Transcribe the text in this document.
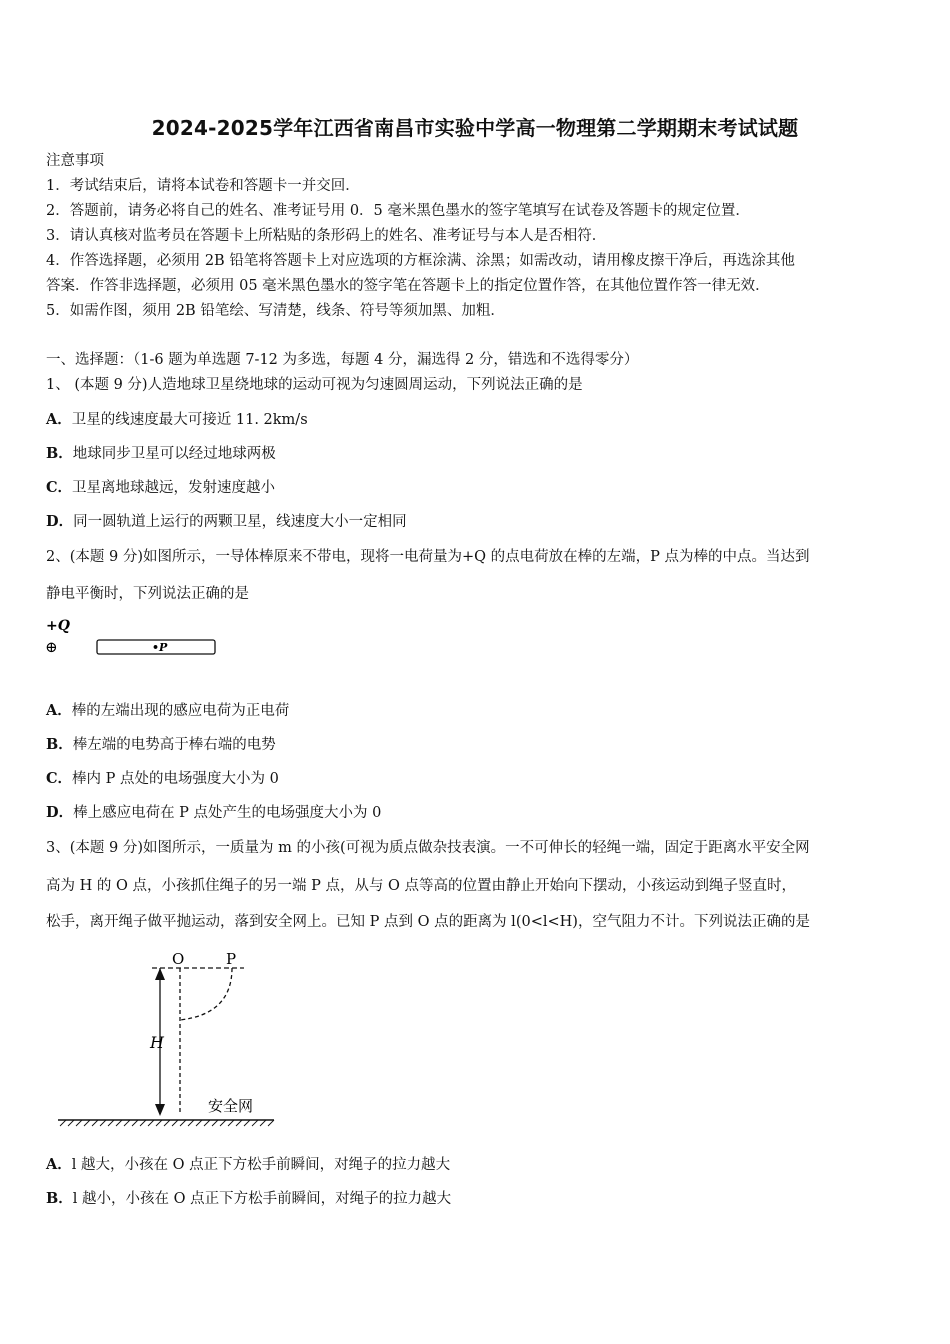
2024-2025学年江西省南昌市实验中学高一物理第二学期期末考试试题
注意事项
1．考试结束后，请将本试卷和答题卡一并交回．
2．答题前，请务必将自己的姓名、准考证号用 0．5 毫米黑色墨水的签字笔填写在试卷及答题卡的规定位置．
3．请认真核对监考员在答题卡上所粘贴的条形码上的姓名、准考证号与本人是否相符．
4．作答选择题，必须用 2B 铅笔将答题卡上对应选项的方框涂满、涂黑；如需改动，请用橡皮擦干净后，再选涂其他
答案．作答非选择题，必须用 05 毫米黑色墨水的签字笔在答题卡上的指定位置作答，在其他位置作答一律无效．
5．如需作图，须用 2B 铅笔绘、写清楚，线条、符号等须加黑、加粗．
一、选择题：（1-6 题为单选题 7-12 为多选，每题 4 分，漏选得 2 分，错选和不选得零分）
1、 (本题 9 分)人造地球卫星绕地球的运动可视为匀速圆周运动，下列说法正确的是
A．卫星的线速度最大可接近 11. 2km/s
B．地球同步卫星可以经过地球两极
C．卫星离地球越远，发射速度越小
D．同一圆轨道上运行的两颗卫星，线速度大小一定相同
2、(本题 9 分)如图所示，一导体棒原来不带电，现将一电荷量为+Q 的点电荷放在棒的左端，P 点为棒的中点。当达到
静电平衡时，下列说法正确的是
+Q
⊕	•P
A．棒的左端出现的感应电荷为正电荷
B．棒左端的电势高于棒右端的电势
C．棒内 P 点处的电场强度大小为 0
D．棒上感应电荷在 P 点处产生的电场强度大小为 0
3、(本题 9 分)如图所示，一质量为 m 的小孩(可视为质点做杂技表演。一不可伸长的轻绳一端，固定于距离水平安全网
高为 H 的 O 点，小孩抓住绳子的另一端 P 点，从与 O 点等高的位置由静止开始向下摆动，小孩运动到绳子竖直时，
松手，离开绳子做平抛运动，落到安全网上。已知 P 点到 O 点的距离为 l(0<l<H)，空气阻力不计。下列说法正确的是
O	P
H
安全网
A．l 越大，小孩在 O 点正下方松手前瞬间，对绳子的拉力越大
B．l 越小，小孩在 O 点正下方松手前瞬间，对绳子的拉力越大
